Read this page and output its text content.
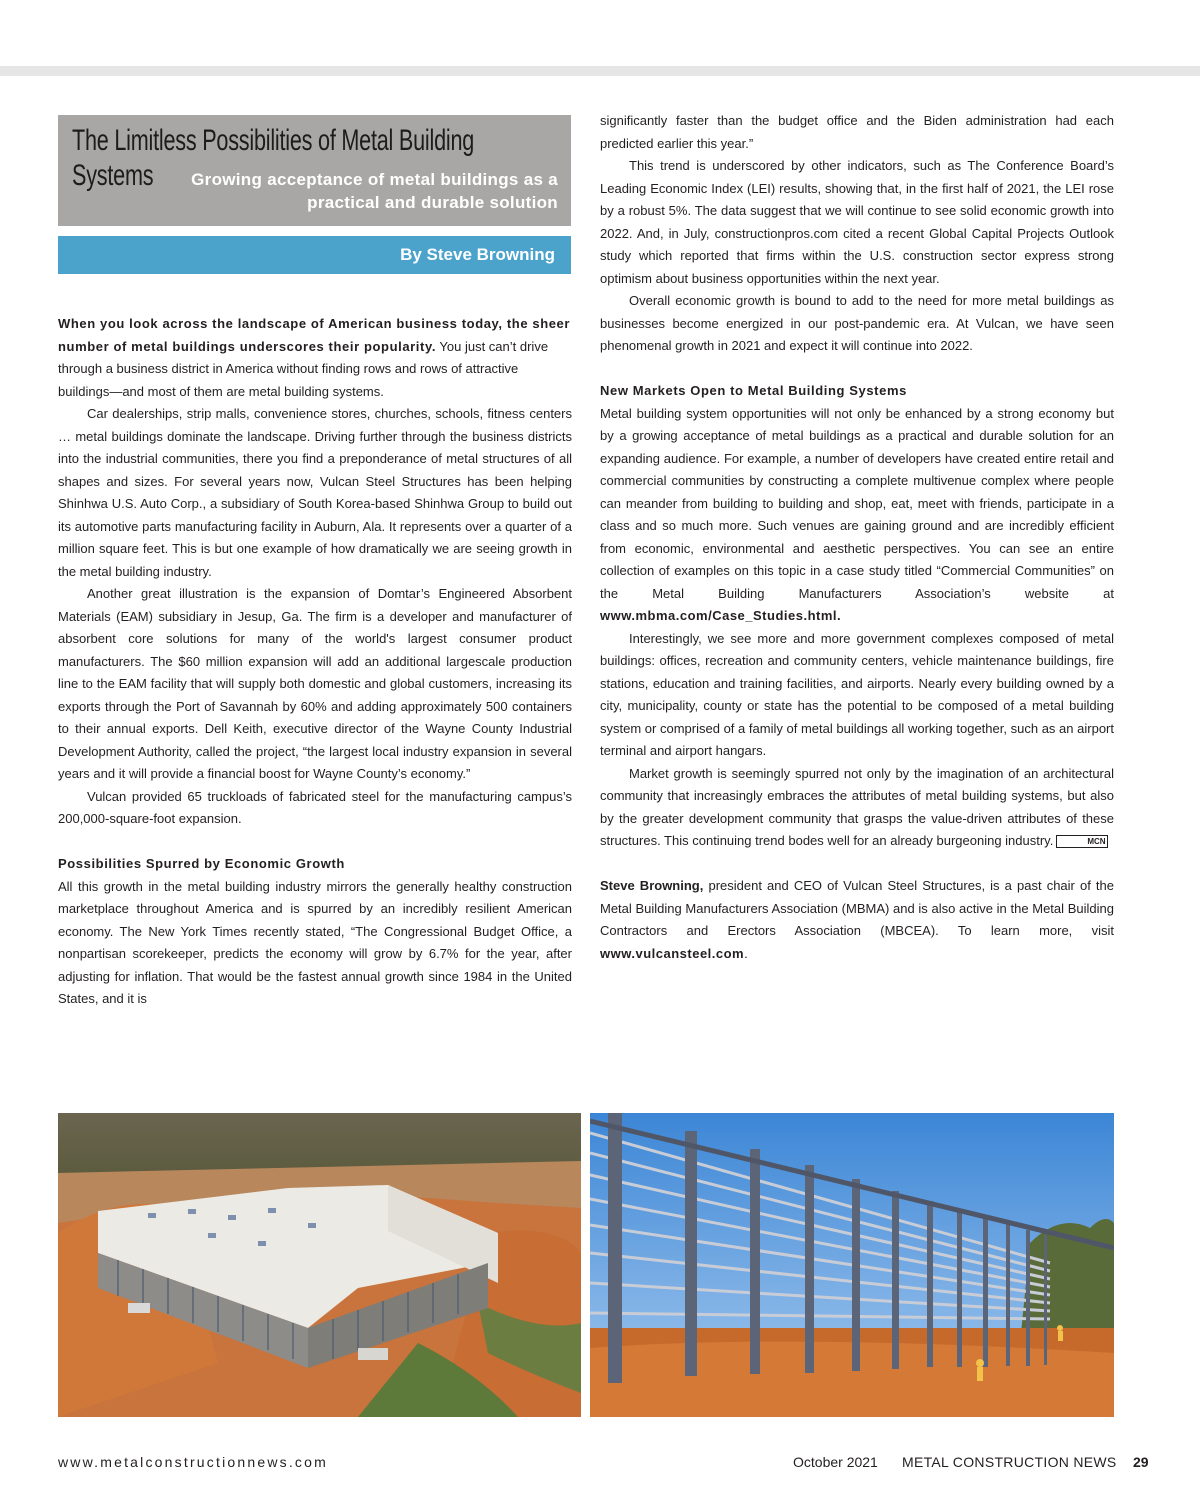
The Limitless Possibilities of Metal Building Systems	Growing acceptance of metal buildings as a practical and durable solution
By Steve Browning

When you look across the landscape of American business today, the sheer number of metal buildings underscores their popularity. You just can’t drive through a business district in America without finding rows and rows of attractive buildings—and most of them are metal building systems.

Car dealerships, strip malls, convenience stores, churches, schools, fitness centers … metal buildings dominate the landscape. Driving further through the business districts into the industrial communities, there you find a preponderance of metal structures of all shapes and sizes. For several years now, Vulcan Steel Structures has been helping Shinhwa U.S. Auto Corp., a subsidiary of South Korea-based Shinhwa Group to build out its automotive parts manufacturing facility in Auburn, Ala. It represents over a quarter of a million square feet. This is but one example of how dramatically we are seeing growth in the metal building industry.

Another great illustration is the expansion of Domtar’s Engineered Absorbent Materials (EAM) subsidiary in Jesup, Ga. The firm is a developer and manufacturer of absorbent core solutions for many of the world's largest consumer product manufacturers. The $60 million expansion will add an additional largescale production line to the EAM facility that will supply both domestic and global customers, increasing its exports through the Port of Savannah by 60% and adding approximately 500 containers to their annual exports. Dell Keith, executive director of the Wayne County Industrial Development Authority, called the project, “the largest local industry expansion in several years and it will provide a financial boost for Wayne County’s economy.”

Vulcan provided 65 truckloads of fabricated steel for the manufacturing campus’s 200,000-square-foot expansion.

Possibilities Spurred by Economic Growth

All this growth in the metal building industry mirrors the generally healthy construction marketplace throughout America and is spurred by an incredibly resilient American economy. The New York Times recently stated, “The Congressional Budget Office, a nonpartisan scorekeeper, predicts the economy will grow by 6.7% for the year, after adjusting for inflation. That would be the fastest annual growth since 1984 in the United States, and it is

significantly faster than the budget office and the Biden administration had each predicted earlier this year.”

This trend is underscored by other indicators, such as The Conference Board’s Leading Economic Index (LEI) results, showing that, in the first half of 2021, the LEI rose by a robust 5%. The data suggest that we will continue to see solid economic growth into 2022. And, in July, constructionpros.com cited a recent Global Capital Projects Outlook study which reported that firms within the U.S. construction sector express strong optimism about business opportunities within the next year.

Overall economic growth is bound to add to the need for more metal buildings as businesses become energized in our post-pandemic era. At Vulcan, we have seen phenomenal growth in 2021 and expect it will continue into 2022.

New Markets Open to Metal Building Systems

Metal building system opportunities will not only be enhanced by a strong economy but by a growing acceptance of metal buildings as a practical and durable solution for an expanding audience. For example, a number of developers have created entire retail and commercial communities by constructing a complete multivenue complex where people can meander from building to building and shop, eat, meet with friends, participate in a class and so much more. Such venues are gaining ground and are incredibly efficient from economic, environmental and aesthetic perspectives. You can see an entire collection of examples on this topic in a case study titled “Commercial Communities” on the Metal Building Manufacturers Association’s website at www.mbma.com/Case_Studies.html.

Interestingly, we see more and more government complexes composed of metal buildings: offices, recreation and community centers, vehicle maintenance buildings, fire stations, education and training facilities, and airports. Nearly every building owned by a city, municipality, county or state has the potential to be composed of a metal building system or comprised of a family of metal buildings all working together, such as an airport terminal and airport hangars.

Market growth is seemingly spurred not only by the imagination of an architectural community that increasingly embraces the attributes of metal building systems, but also by the greater development community that grasps the value-driven attributes of these structures. This continuing trend bodes well for an already burgeoning industry.	MCN

Steve Browning, president and CEO of Vulcan Steel Structures, is a past chair of the Metal Building Manufacturers Association (MBMA) and is also active in the Metal Building Contractors and Erectors Association (MBCEA). To learn more, visit www.vulcansteel.com.

www.metalconstructionnews.com	October 2021 METAL CONSTRUCTION NEWS 29
